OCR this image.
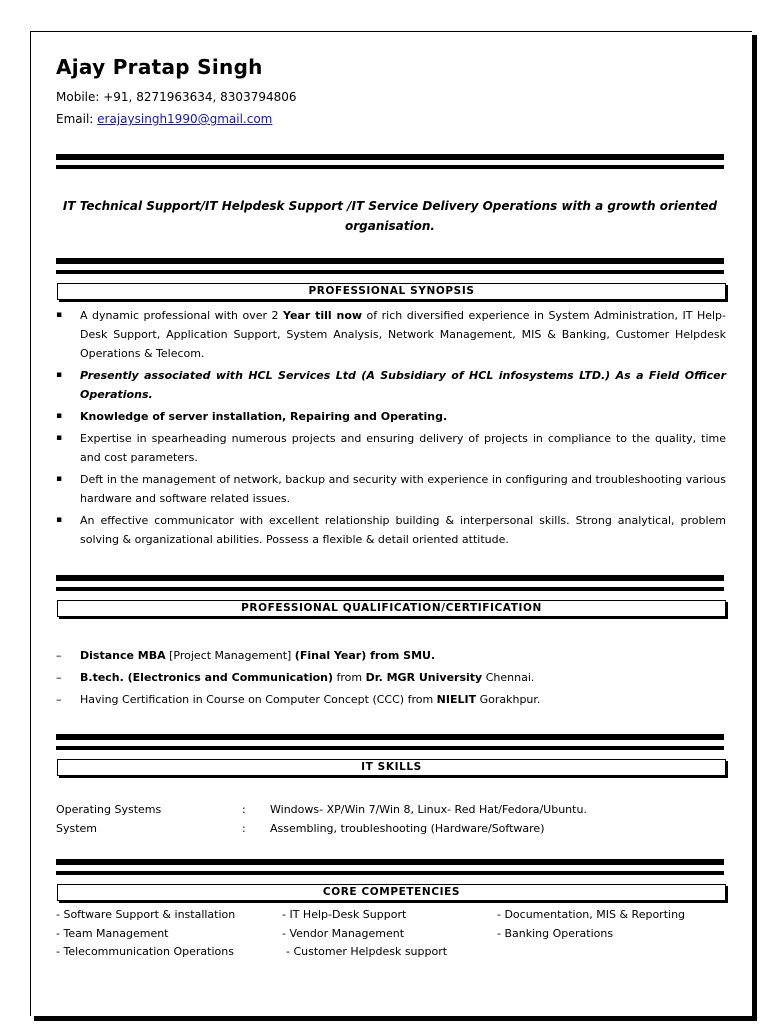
Ajay Pratap Singh
Mobile: +91, 8271963634, 8303794806
Email: erajaysingh1990@gmail.com
IT Technical Support/IT Helpdesk Support /IT Service Delivery Operations with a growth oriented organisation.
PROFESSIONAL SYNOPSIS
▪ A dynamic professional with over 2 Year till now of rich diversified experience in System Administration, IT Help-Desk Support, Application Support, System Analysis, Network Management, MIS & Banking, Customer Helpdesk Operations & Telecom.
▪ Presently associated with HCL Services Ltd (A Subsidiary of HCL infosystems LTD.) As a Field Officer Operations.
▪ Knowledge of server installation, Repairing and Operating.
▪ Expertise in spearheading numerous projects and ensuring delivery of projects in compliance to the quality, time and cost parameters.
▪ Deft in the management of network, backup and security with experience in configuring and troubleshooting various hardware and software related issues.
▪ An effective communicator with excellent relationship building & interpersonal skills. Strong analytical, problem solving & organizational abilities. Possess a flexible & detail oriented attitude.
PROFESSIONAL QUALIFICATION/CERTIFICATION
– Distance MBA [Project Management] (Final Year) from SMU.
– B.tech. (Electronics and Communication) from Dr. MGR University Chennai.
– Having Certification in Course on Computer Concept (CCC) from NIELIT Gorakhpur.
IT SKILLS
Operating Systems	: Windows- XP/Win 7/Win 8, Linux- Red Hat/Fedora/Ubuntu.
System	: Assembling, troubleshooting (Hardware/Software)
CORE COMPETENCIES
- Software Support & installation
- Team Management
- Telecommunication Operations
- IT Help-Desk Support
- Vendor Management
- Customer Helpdesk support
- Documentation, MIS & Reporting
- Banking Operations
